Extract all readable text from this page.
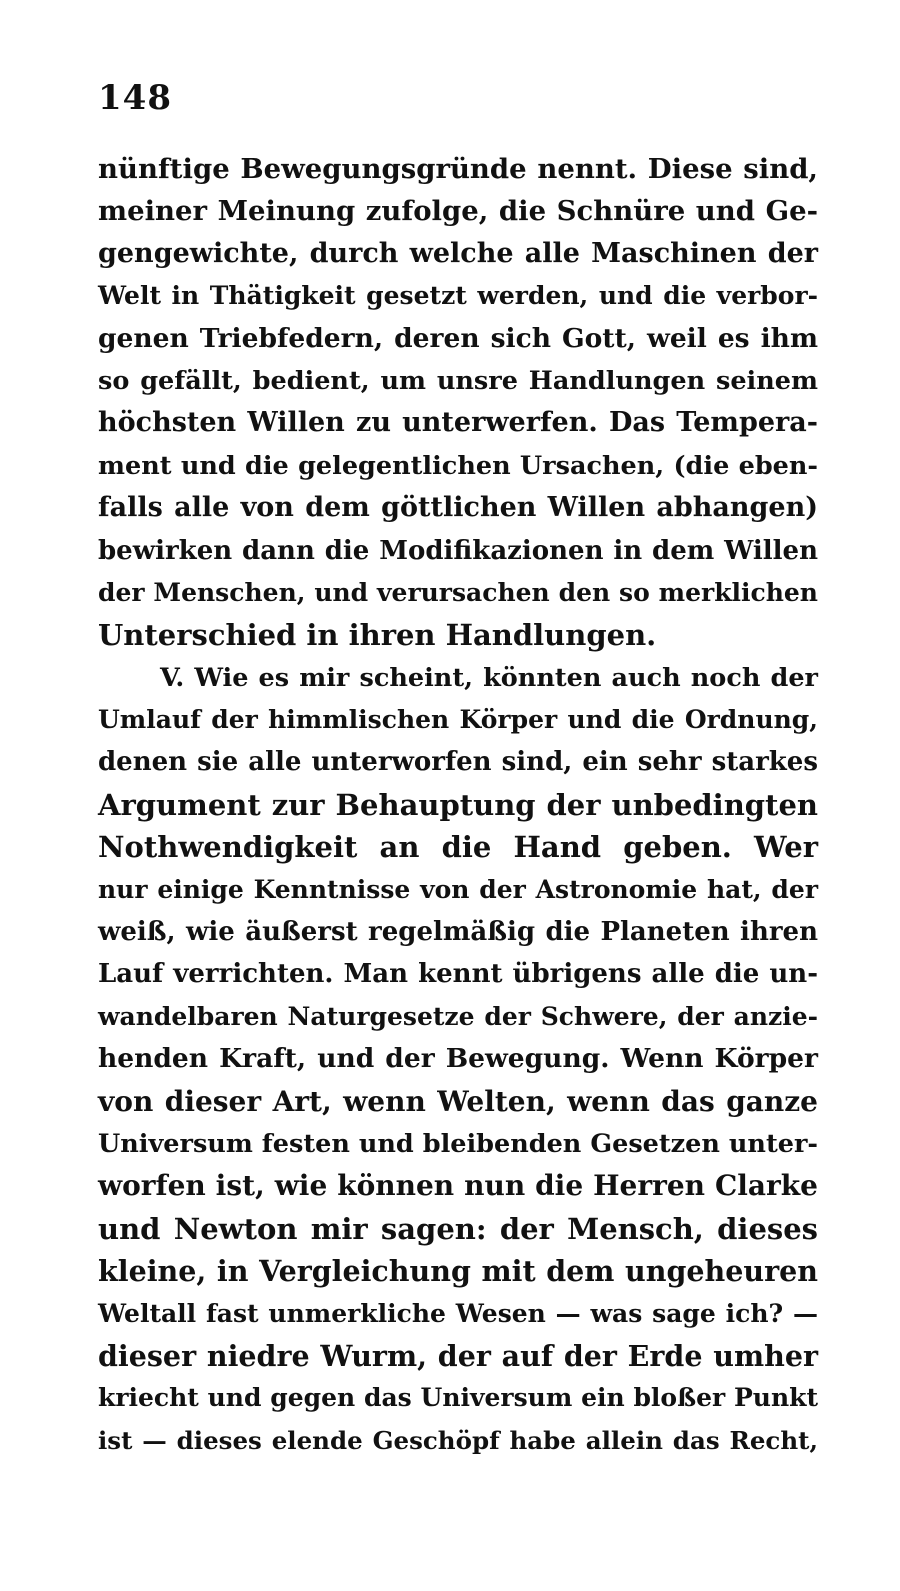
148
nünftige Bewegungsgründe nennt. Diese sind,
meiner Meinung zufolge, die Schnüre und Ge-
gengewichte, durch welche alle Maschinen der
Welt in Thätigkeit gesetzt werden, und die verbor-
genen Triebfedern, deren sich Gott, weil es ihm
so gefällt, bedient, um unsre Handlungen seinem
höchsten Willen zu unterwerfen. Das Tempera-
ment und die gelegentlichen Ursachen, (die eben-
falls alle von dem göttlichen Willen abhangen)
bewirken dann die Modifikazionen in dem Willen
der Menschen, und verursachen den so merklichen
Unterschied in ihren Handlungen.
V. Wie es mir scheint, könnten auch noch der
Umlauf der himmlischen Körper und die Ordnung,
denen sie alle unterworfen sind, ein sehr starkes
Argument zur Behauptung der unbedingten
Nothwendigkeit an die Hand geben. Wer
nur einige Kenntnisse von der Astronomie hat, der
weiß, wie äußerst regelmäßig die Planeten ihren
Lauf verrichten. Man kennt übrigens alle die un-
wandelbaren Naturgesetze der Schwere, der anzie-
henden Kraft, und der Bewegung. Wenn Körper
von dieser Art, wenn Welten, wenn das ganze
Universum festen und bleibenden Gesetzen unter-
worfen ist, wie können nun die Herren Clarke
und Newton mir sagen: der Mensch, dieses
kleine, in Vergleichung mit dem ungeheuren
Weltall fast unmerkliche Wesen — was sage ich? —
dieser niedre Wurm, der auf der Erde umher
kriecht und gegen das Universum ein bloßer Punkt
ist — dieses elende Geschöpf habe allein das Recht,
